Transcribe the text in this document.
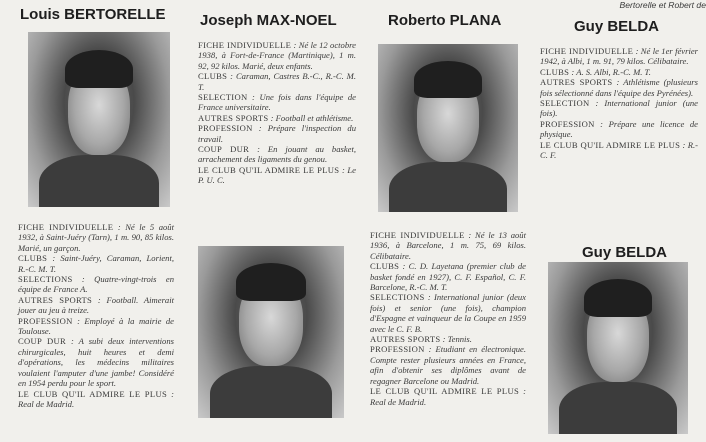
Louis BERTORELLE

FICHE INDIVIDUELLE : Né le 5 août 1932, à Saint-Juéry (Tarn), 1 m. 90, 85 kilos. Marié, un garçon.

CLUBS : Saint-Juéry, Caraman, Lorient, R.-C. M. T.

SELECTIONS : Quatre-vingt-trois en équipe de France A.

AUTRES SPORTS : Football. Aimerait jouer au jeu à treize.

PROFESSION : Employé à la mairie de Toulouse.

COUP DUR : A subi deux interventions chirurgicales, huit heures et demi d'opérations, les médecins militaires voulaient l'amputer d'une jambe! Considéré en 1954 perdu pour le sport.

LE CLUB QU'IL ADMIRE LE PLUS : Real de Madrid.

Joseph MAX-NOEL

FICHE INDIVIDUELLE : Né le 12 octobre 1938, à Fort-de-France (Martinique), 1 m. 92, 92 kilos. Marié, deux enfants.

CLUBS : Caraman, Castres B.-C., R.-C. M. T.

SELECTION : Une fois dans l'équipe de France universitaire.

AUTRES SPORTS : Football et athlétisme.

PROFESSION : Prépare l'inspection du travail.

COUP DUR : En jouant au basket, arrachement des ligaments du genou.

LE CLUB QU'IL ADMIRE LE PLUS : Le P. U. C.

Roberto PLANA

FICHE INDIVIDUELLE : Né le 13 août 1936, à Barcelone, 1 m. 75, 69 kilos. Célibataire.

CLUBS : C. D. Layetana (premier club de basket fondé en 1927), C. F. Español, C. F. Barcelone, R.-C. M. T.

SELECTIONS : International junior (deux fois) et senior (une fois), champion d'Espagne et vainqueur de la Coupe en 1959 avec le C. F. B.

AUTRES SPORTS : Tennis.

PROFESSION : Etudiant en électronique. Compte rester plusieurs années en France, afin d'obtenir ses diplômes avant de regagner Barcelone ou Madrid.

LE CLUB QU'IL ADMIRE LE PLUS : Real de Madrid.

Bertorelle et Robert de
Guy BELDA

FICHE INDIVIDUELLE : Né le 1er février 1942, à Albi, 1 m. 91, 79 kilos. Célibataire.

CLUBS : A. S. Albi, R.-C. M. T.

AUTRES SPORTS : Athlétisme (plusieurs fois sélectionné dans l'équipe des Pyrénées).

SELECTION : International junior (une fois).

PROFESSION : Prépare une licence de physique.

LE CLUB QU'IL ADMIRE LE PLUS : R.-C. F.

Guy BELDA
